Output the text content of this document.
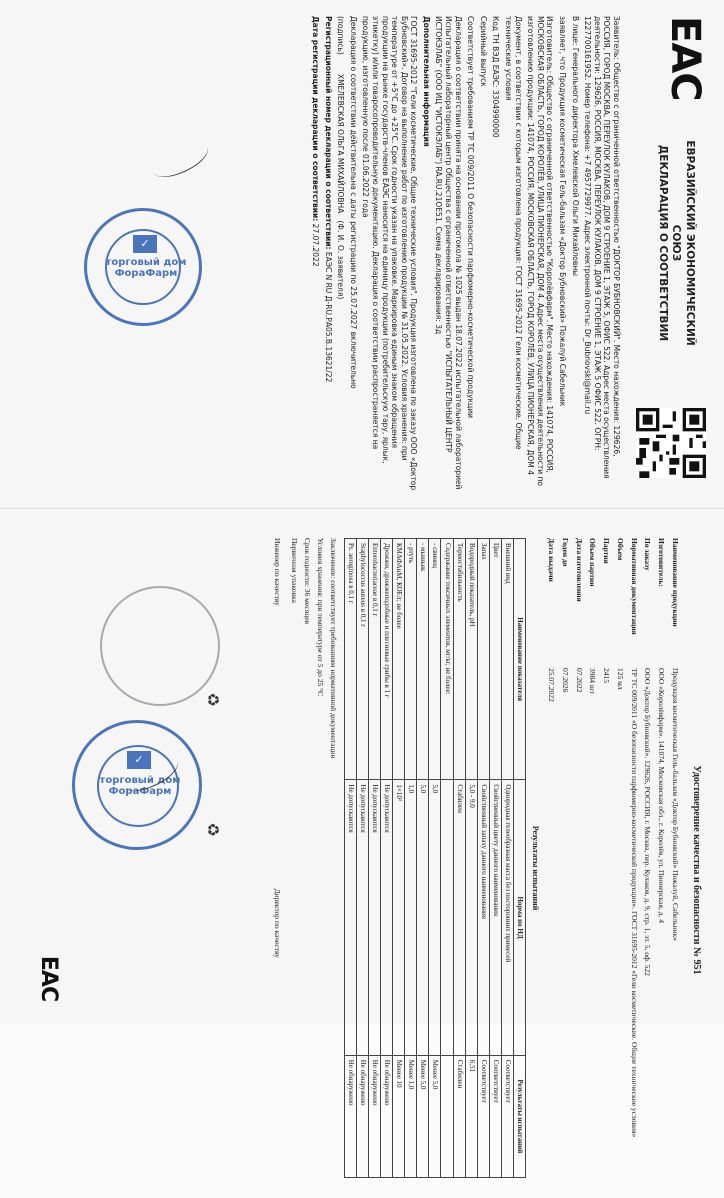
EAC
ЕВРАЗИЙСКИЙ ЭКОНОМИЧЕСКИЙ СОЮЗ
ДЕКЛАРАЦИЯ О СООТВЕТСТВИИ

Заявитель: Общество с ограниченной ответственностью "ДОКТОР БУБНОВСКИЙ". Место нахождения: 129626, РОССИЯ, ГОРОД МОСКВА, ПЕРЕУЛОК КУЛАКОВ, ДОМ 9 СТРОЕНИЕ 1, ЭТАЖ 5, ОФИС 522. Адрес места осуществления деятельности: 129626, РОССИЯ, МОСКВА, ПЕРЕУЛОК КУЛАКОВ, ДОМ 9 СТРОЕНИЕ 1, ЭТАЖ 5 ОФИС 522. ОГРН: 1227700161952. Номер телефона: +7 4957729977. Адрес электронной почты: Dr_Bubnovski@mail.ru

В лице: Генерального директора Хмелевской Ольги Михайловны

заявляет, что Продукция косметическая Гель-бальзам «Доктор Бубновский» Пожалуй Сабельник

Изготовитель: Общество с ограниченной ответственностью "Королёвфарм". Место нахождения: 141074, РОССИЯ, МОСКОВСКАЯ ОБЛАСТЬ, ГОРОД КОРОЛЁВ, УЛИЦА ПИОНЕРСКАЯ, ДОМ 4. Адрес места осуществления деятельности по изготовлению продукции: 141074, РОССИЯ, МОСКОВСКАЯ ОБЛАСТЬ, ГОРОД КОРОЛЁВ, УЛИЦА ПИОНЕРСКАЯ, ДОМ 4

Документ, в соответствии с которым изготовлена продукция: ГОСТ 31695-2012 Гели косметические. Общие технические условия

Код ТН ВЭД ЕАЭС: 3304990000

Серийный выпуск

Соответствует требованиям ТР ТС 009/2011 О безопасности парфюмерно-косметической продукции

Декларация о соответствии принята на основании протокола № 1025 выдан 18.07.2022 испытательной лабораторией Испытательный лабораторный центр Общества с ограниченной ответственностью "ИСПЫТАТЕЛЬНЫЙ ЦЕНТР ИСТОКЭЛАБ" (ООО ИЦ "ИСТОКЭЛАБ") RA.RU.21ОЕ51. Схема декларирования: 3д

Дополнительная информация

ГОСТ 31695-2012 "Гели косметические. Общие технические условия". Продукция изготовлена по заказу ООО «Доктор Бубновский». Договор на выполнение работ по изготовлению продукции № 31.05.2022. Условия хранения: при температуре от +5°С до +25°С. Срок годности указан на упаковке. Маркировка единым знаком обращения продукции на рынке государств-членов ЕАЭС наносится на единицу продукции (потребительскую тару, ярлык, этикетку) и/или товаросопроводительную документацию. Декларация о соответствии распространяется на продукцию, изготовленную после 01.06.2022 года

Декларация о соответствии действительна с даты регистрации по 25.07.2027 включительно

(подпись)        ХМЕЛЕВСКАЯ ОЛЬГА МИХАЙЛОВНА   (Ф. И. О. заявителя)

Регистрационный номер декларации о соответствии: ЕАЭС N RU Д-RU.РА05.В.13621/22

Дата регистрации декларации о соответствии: 27.07.2022

✓
торговый дом ФораФарм
Удостоверение качества и безопасности № 951
Наименование продукции
Продукция косметическая Гель-бальзам «Доктор Бубновский» Пожалуй, Сабельник»
Изготовитель:
ООО «Королёвфарм». 141074, Московская обл., г. Королёв, ул. Пионерская, д. 4
По заказу
ООО «Доктор Бубновский». 129626, РОССИЯ, г. Москва, пер. Кулаков, д. 9, стр. 1, эт. 5, оф. 522
Нормативная документация
ТР ТС 009/2011 «О безопасности парфюмерно-косметической продукции». ГОСТ 31695-2012 «Гели косметические. Общие технические условия»
Объем
125 мл
Партия
2415
Объем партии
3984 шт
Дата изготовления
07.2022
Годен до
07.2026
Дата выдачи
25.07.2022
Результаты испытаний
Наименование показателя	Норма по НД	Результаты испытаний
Внешний вид	Однородная гелеобразная масса без посторонних примесей	Соответствует
Цвет	Свойственный цвету данного наименования	Соответствует
Запах	Свойственный запаху данного наименования	Соответствует
Водородный показатель, pH	5,0 - 9,0	6,51
Термостабильность	Стабилен	Стабилен
Содержание токсичных элементов, мг/кг, не более:		
- свинец	5,0	Менее 5,0
- мышьяк	5,0	Менее 5,0
- ртуть	1,0	Менее 1,0
КМАФАнМ, КОЕ/г, не более	1×10³	Менее 10
Дрожжи, дрожжеподобные и плесневые грибы в 1 г	Не допускаются	Не обнаружено
Enterobacteriaceae в 0,1 г	Не допускаются	Не обнаружено
Staphylococcus aureus в 0,1 г	Не допускаются	Не обнаружено
Ps. aeruginosa в 0,1 г	Не допускаются	Не обнаружено

Заключение: соответствует требованиям нормативной документации

Условия хранения: при температуре от 5 до 25 °С

Срок годности: 36 месяцев

Первичная упаковка

Инженер по качеству
Директор по качеству
EAC
♻
♻
✓
торговый дом ФораФарм
